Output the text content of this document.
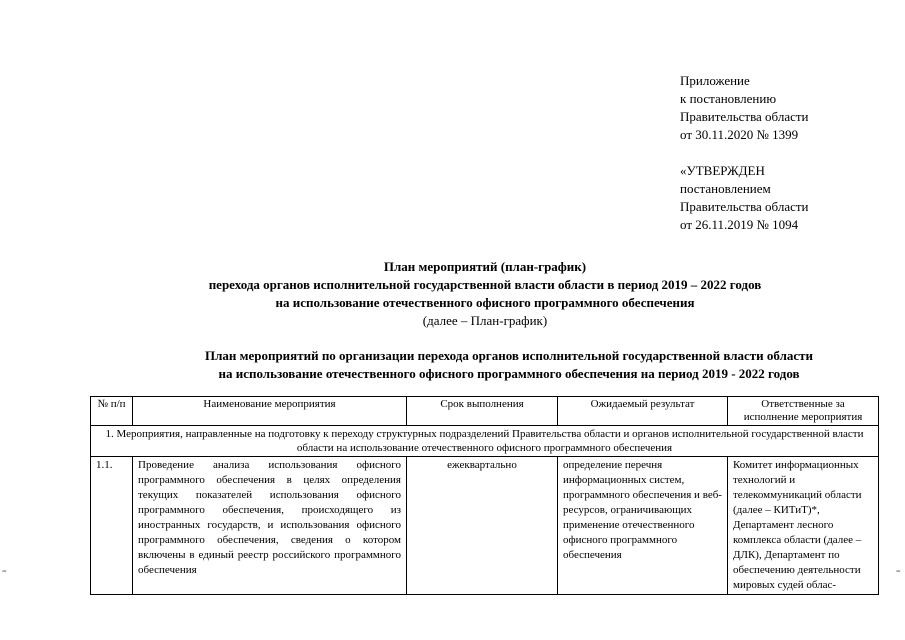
Приложение
к постановлению
Правительства области
от 30.11.2020 № 1399
«УТВЕРЖДЕН
постановлением
Правительства области
от 26.11.2019 № 1094
План мероприятий (план-график)
перехода органов исполнительной государственной власти области в период 2019 – 2022 годов
на использование отечественного офисного программного обеспечения
(далее – План-график)
План мероприятий по организации перехода органов исполнительной государственной власти области
на использование отечественного офисного программного обеспечения на период 2019 - 2022 годов
№ п/п	Наименование мероприятия	Срок выполнения	Ожидаемый результат	Ответственные за исполнение мероприятия
1. Мероприятия, направленные на подготовку к переходу структурных подразделений Правительства области и органов исполнительной государственной власти области на использование отечественного офисного программного обеспечения				
1.1.	Проведение анализа использования офисного программного обеспечения в целях определения текущих показателей использования офисного программного обеспечения, происходящего из иностранных государств, и использования офисного программного обеспечения, сведения о котором включены в единый реестр российского программного обеспечения	ежеквартально	определение перечня информационных систем, программного обеспечения и веб-ресурсов, ограничивающих применение отечественного офисного программного обеспечения	Комитет информационных технологий и телекоммуникаций области (далее – КИТиТ)*, Департамент лесного комплекса области (далее – ДЛК), Департамент по обеспечению деятельности мировых судей облас-
=	=
